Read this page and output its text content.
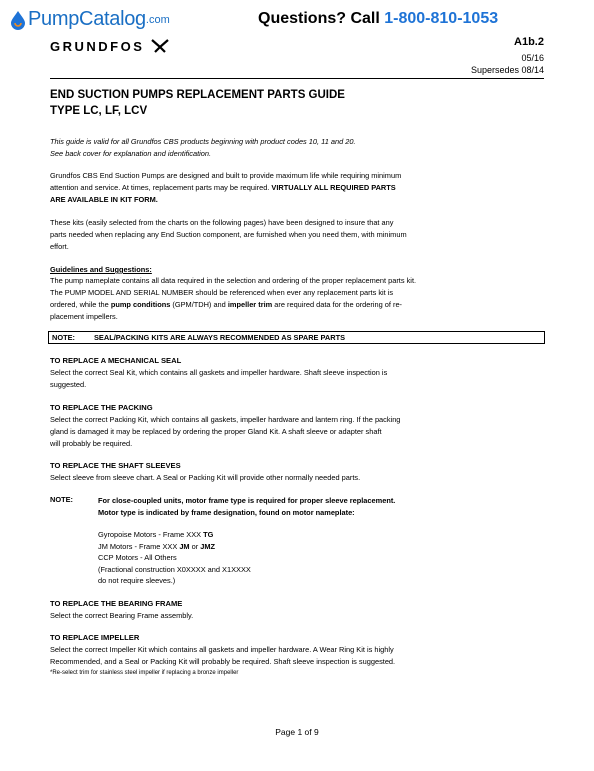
PumpCatalog .com	Questions? Call 1-800-810-1053
GRUNDFOS	A1b.2
05/16
Supersedes 08/14
END SUCTION PUMPS REPLACEMENT PARTS GUIDE
TYPE LC, LF, LCV
This guide is valid for all Grundfos CBS products beginning with product codes 10, 11 and 20.
See back cover for explanation and identification.
Grundfos CBS End Suction Pumps are designed and built to provide maximum life while requiring minimum
attention and service. At times, replacement parts may be required. VIRTUALLY ALL REQUIRED PARTS
ARE AVAILABLE IN KIT FORM.
These kits (easily selected from the charts on the following pages) have been designed to insure that any
parts needed when replacing any End Suction component, are furnished when you need them, with minimum
effort.
Guidelines and Suggestions:
The pump nameplate contains all data required in the selection and ordering of the proper replacement parts kit.
The PUMP MODEL AND SERIAL NUMBER should be referenced when ever any replacement parts kit is
ordered, while the pump conditions (GPM/TDH) and impeller trim are required data for the ordering of re-
placement impellers.
NOTE:	SEAL/PACKING KITS ARE ALWAYS RECOMMENDED AS SPARE PARTS
TO REPLACE A MECHANICAL SEAL
Select the correct Seal Kit, which contains all gaskets and impeller hardware. Shaft sleeve inspection is
suggested.
TO REPLACE THE PACKING
Select the correct Packing Kit, which contains all gaskets, impeller hardware and lantern ring. If the packing
gland is damaged it may be replaced by ordering the proper Gland Kit. A shaft sleeve or adapter shaft
will probably be required.
TO REPLACE THE SHAFT SLEEVES
Select sleeve from sleeve chart. A Seal or Packing Kit will provide other normally needed parts.
NOTE:	For close-coupled units, motor frame type is required for proper sleeve replacement.
Motor type is indicated by frame designation, found on motor nameplate:
Gyropoise Motors - Frame XXX TG
JM Motors - Frame XXX JM or JMZ
CCP Motors - All Others
(Fractional construction X0XXXX and X1XXXX
do not require sleeves.)
TO REPLACE THE BEARING FRAME
Select the correct Bearing Frame assembly.
TO REPLACE IMPELLER
Select the correct Impeller Kit which contains all gaskets and impeller hardware. A Wear Ring Kit is highly
Recommended, and a Seal or Packing Kit will probably be required. Shaft sleeve inspection is suggested.
*Re-select trim for stainless steel impeller if replacing a bronze impeller
Page 1 of 9
